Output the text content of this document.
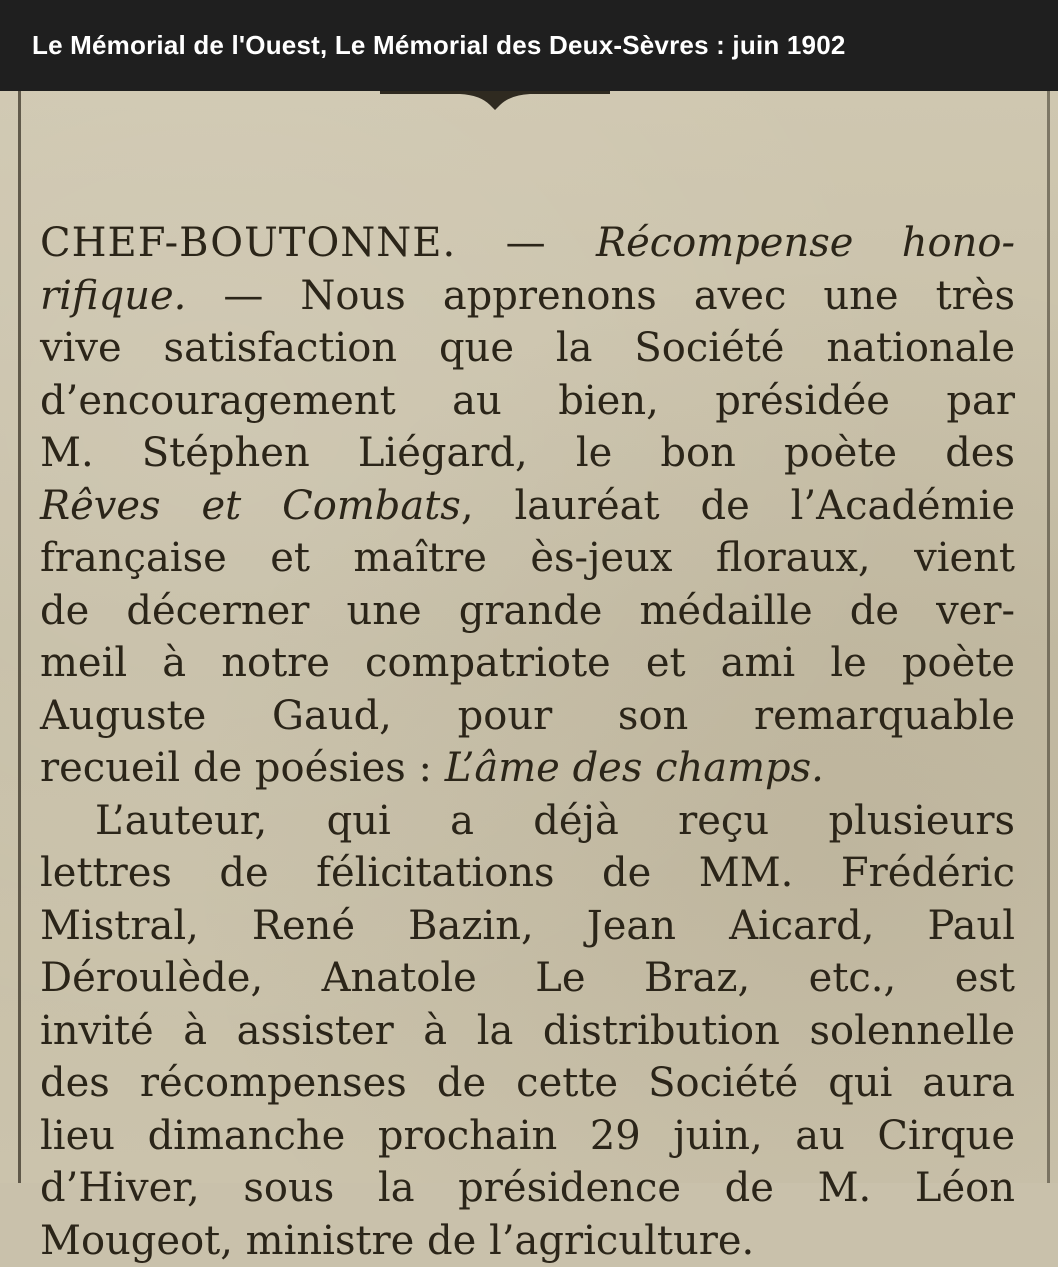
Le Mémorial de l'Ouest, Le Mémorial des Deux-Sèvres : juin 1902
CHEF-BOUTONNE. — Récompense hono-
rifique. — Nous apprenons avec une très
vive satisfaction que la Société nationale
d’encouragement au bien, présidée par
M. Stéphen Liégard, le bon poète des
Rêves et Combats, lauréat de l’Académie
française et maître ès-jeux floraux, vient
de décerner une grande médaille de ver-
meil à notre compatriote et ami le poète
Auguste Gaud, pour son remarquable
recueil de poésies : L’âme des champs.
L’auteur, qui a déjà reçu plusieurs
lettres de félicitations de MM. Frédéric
Mistral, René Bazin, Jean Aicard, Paul
Déroulède, Anatole Le Braz, etc., est
invité à assister à la distribution solennelle
des récompenses de cette Société qui aura
lieu dimanche prochain 29 juin, au Cirque
d’Hiver, sous la présidence de M. Léon
Mougeot, ministre de l’agriculture.
